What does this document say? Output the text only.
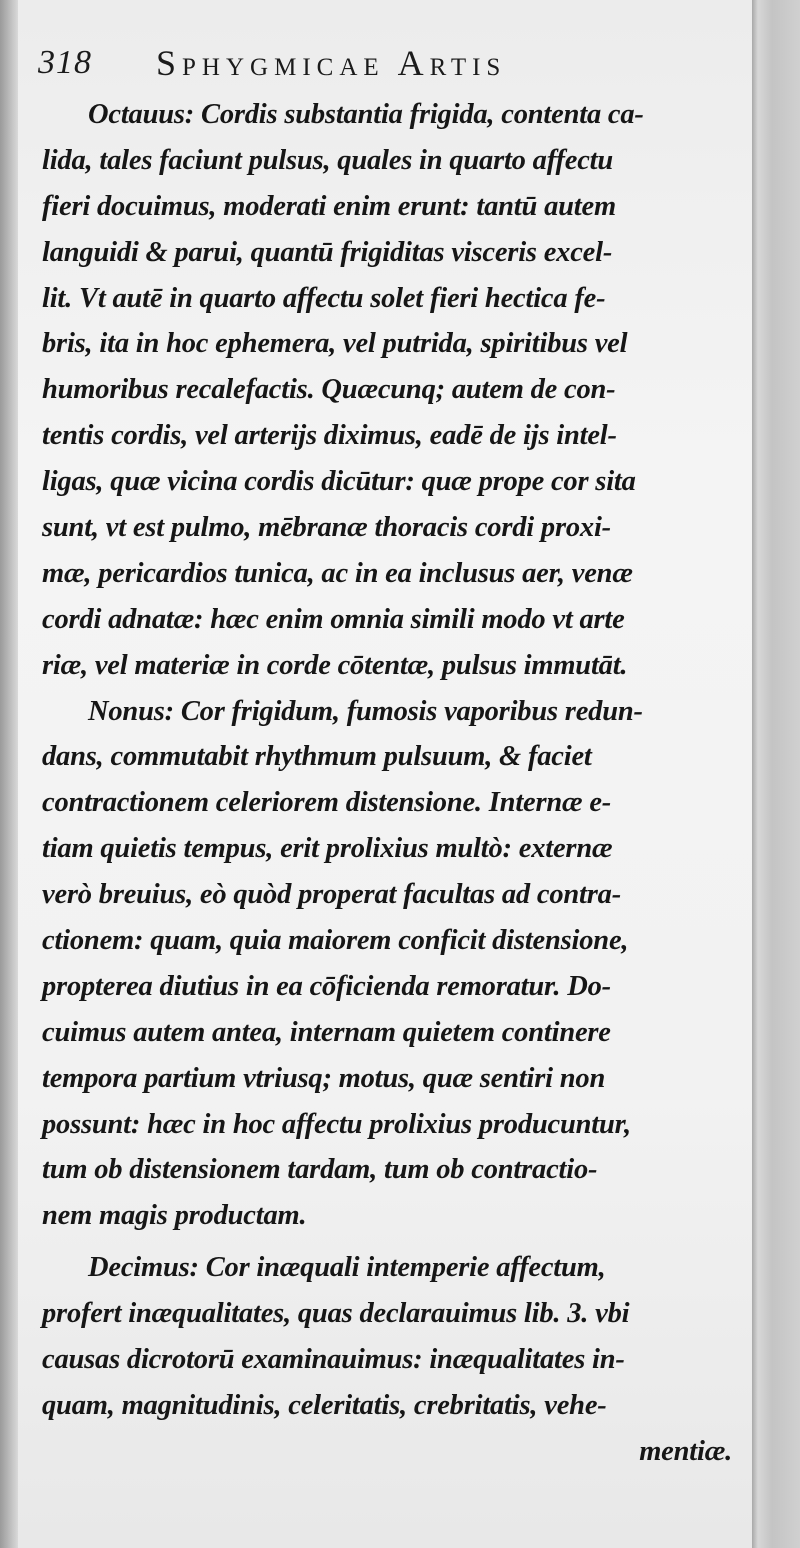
318 Sphygmicae Artis
Octauus: Cordis substantia frigida, contenta ca-
lida, tales faciunt pulsus, quales in quarto affectu
fieri docuimus, moderati enim erunt: tantū autem
languidi & parui, quantū frigiditas visceris excel-
lit. Vt autē in quarto affectu solet fieri hectica fe-
bris, ita in hoc ephemera, vel putrida, spiritibus vel
humoribus recalefactis. Quæcunq; autem de con-
tentis cordis, vel arterijs diximus, eadē de ijs intel-
ligas, quæ vicina cordis dicūtur: quæ prope cor sita
sunt, vt est pulmo, mēbranæ thoracis cordi proxi-
mæ, pericardios tunica, ac in ea inclusus aer, venæ
cordi adnatæ: hæc enim omnia simili modo vt arte
riæ, vel materiæ in corde cōtentæ, pulsus immutāt.
Nonus: Cor frigidum, fumosis vaporibus redun-
dans, commutabit rhythmum pulsuum, & faciet
contractionem celeriorem distensione. Internæ e-
tiam quietis tempus, erit prolixius multò: externæ
verò breuius, eò quòd properat facultas ad contra-
ctionem: quam, quia maiorem conficit distensione,
propterea diutius in ea cōficienda remoratur. Do-
cuimus autem antea, internam quietem continere
tempora partium vtriusq; motus, quæ sentiri non
possunt: hæc in hoc affectu prolixius producuntur,
tum ob distensionem tardam, tum ob contractio-
nem magis productam.
Decimus: Cor inæquali intemperie affectum,
profert inæqualitates, quas declarauimus lib. 3. vbi
causas dicrotorū examinauimus: inæqualitates in-
quam, magnitudinis, celeritatis, crebritatis, vehe-
mentiæ.
